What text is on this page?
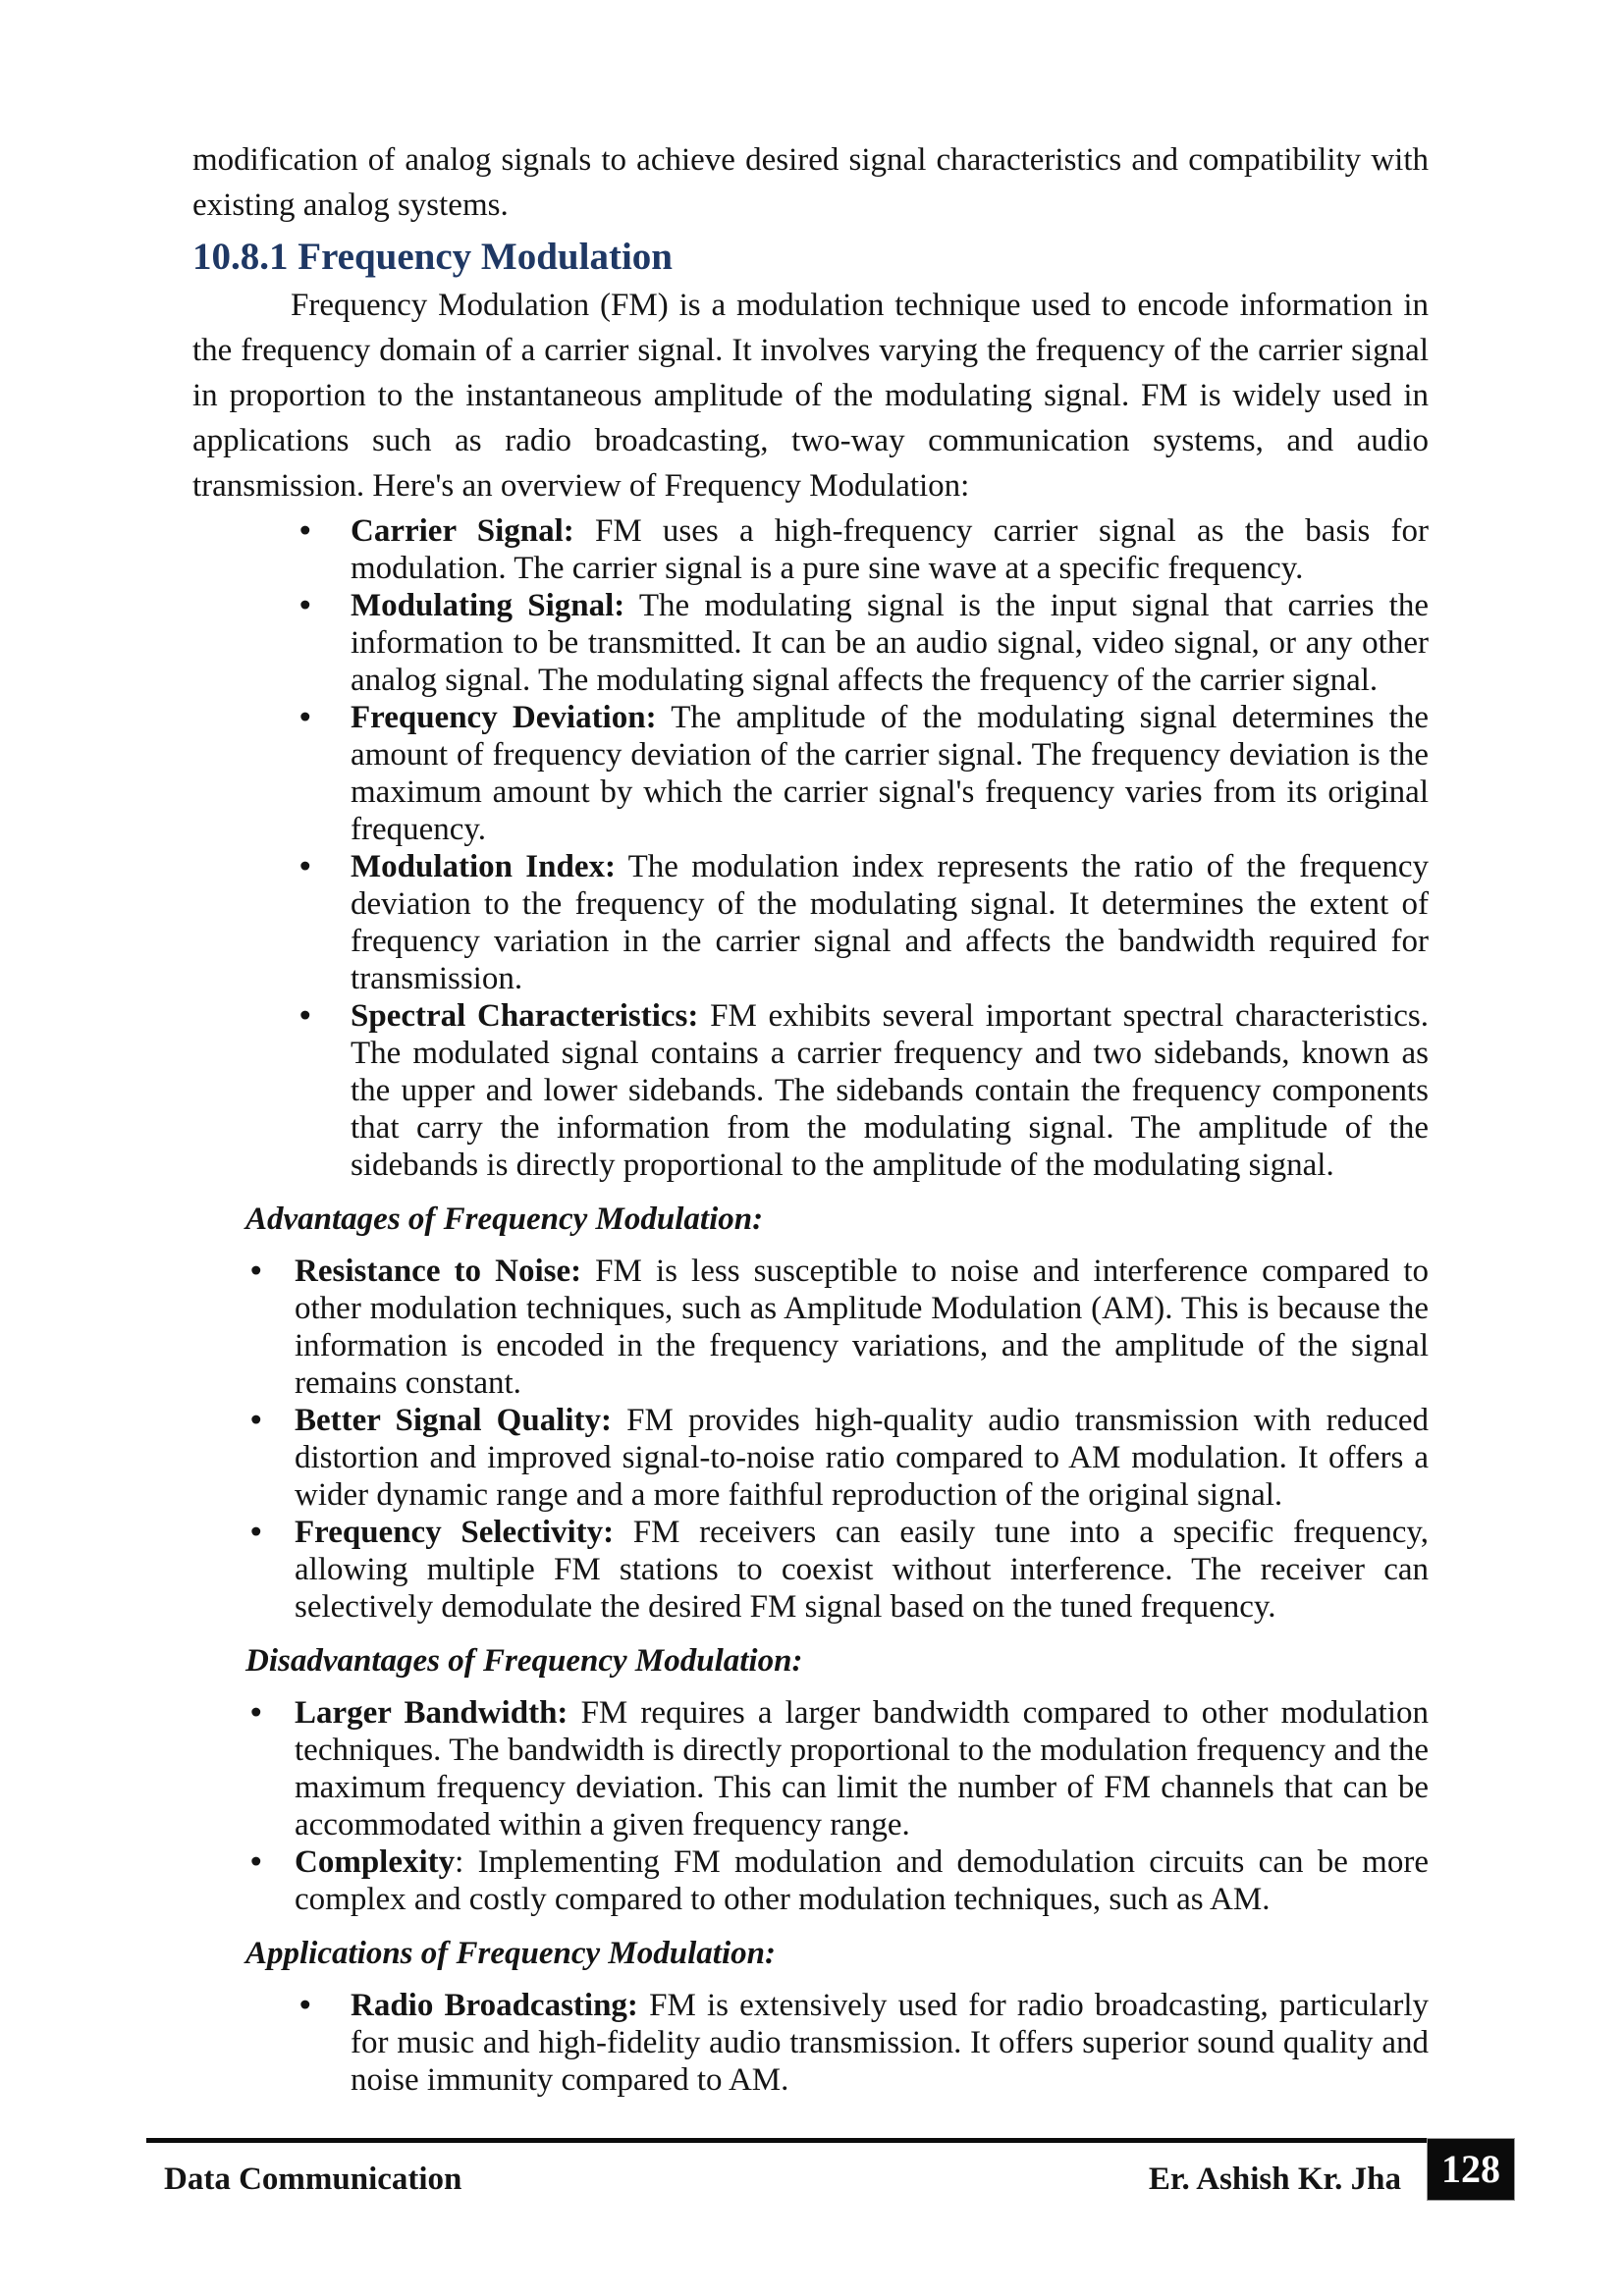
modification of analog signals to achieve desired signal characteristics and compatibility with existing analog systems.

10.8.1 Frequency Modulation

Frequency Modulation (FM) is a modulation technique used to encode information in the frequency domain of a carrier signal. It involves varying the frequency of the carrier signal in proportion to the instantaneous amplitude of the modulating signal. FM is widely used in applications such as radio broadcasting, two-way communication systems, and audio transmission. Here's an overview of Frequency Modulation:

• Carrier Signal: FM uses a high-frequency carrier signal as the basis for modulation. The carrier signal is a pure sine wave at a specific frequency.
• Modulating Signal: The modulating signal is the input signal that carries the information to be transmitted. It can be an audio signal, video signal, or any other analog signal. The modulating signal affects the frequency of the carrier signal.
• Frequency Deviation: The amplitude of the modulating signal determines the amount of frequency deviation of the carrier signal. The frequency deviation is the maximum amount by which the carrier signal's frequency varies from its original frequency.
• Modulation Index: The modulation index represents the ratio of the frequency deviation to the frequency of the modulating signal. It determines the extent of frequency variation in the carrier signal and affects the bandwidth required for transmission.
• Spectral Characteristics: FM exhibits several important spectral characteristics. The modulated signal contains a carrier frequency and two sidebands, known as the upper and lower sidebands. The sidebands contain the frequency components that carry the information from the modulating signal. The amplitude of the sidebands is directly proportional to the amplitude of the modulating signal.
Advantages of Frequency Modulation:
• Resistance to Noise: FM is less susceptible to noise and interference compared to other modulation techniques, such as Amplitude Modulation (AM). This is because the information is encoded in the frequency variations, and the amplitude of the signal remains constant.
• Better Signal Quality: FM provides high-quality audio transmission with reduced distortion and improved signal-to-noise ratio compared to AM modulation. It offers a wider dynamic range and a more faithful reproduction of the original signal.
• Frequency Selectivity: FM receivers can easily tune into a specific frequency, allowing multiple FM stations to coexist without interference. The receiver can selectively demodulate the desired FM signal based on the tuned frequency.
Disadvantages of Frequency Modulation:
• Larger Bandwidth: FM requires a larger bandwidth compared to other modulation techniques. The bandwidth is directly proportional to the modulation frequency and the maximum frequency deviation. This can limit the number of FM channels that can be accommodated within a given frequency range.
• Complexity: Implementing FM modulation and demodulation circuits can be more complex and costly compared to other modulation techniques, such as AM.
Applications of Frequency Modulation:
• Radio Broadcasting: FM is extensively used for radio broadcasting, particularly for music and high-fidelity audio transmission. It offers superior sound quality and noise immunity compared to AM.
Data Communication	Er. Ashish Kr. Jha 128
